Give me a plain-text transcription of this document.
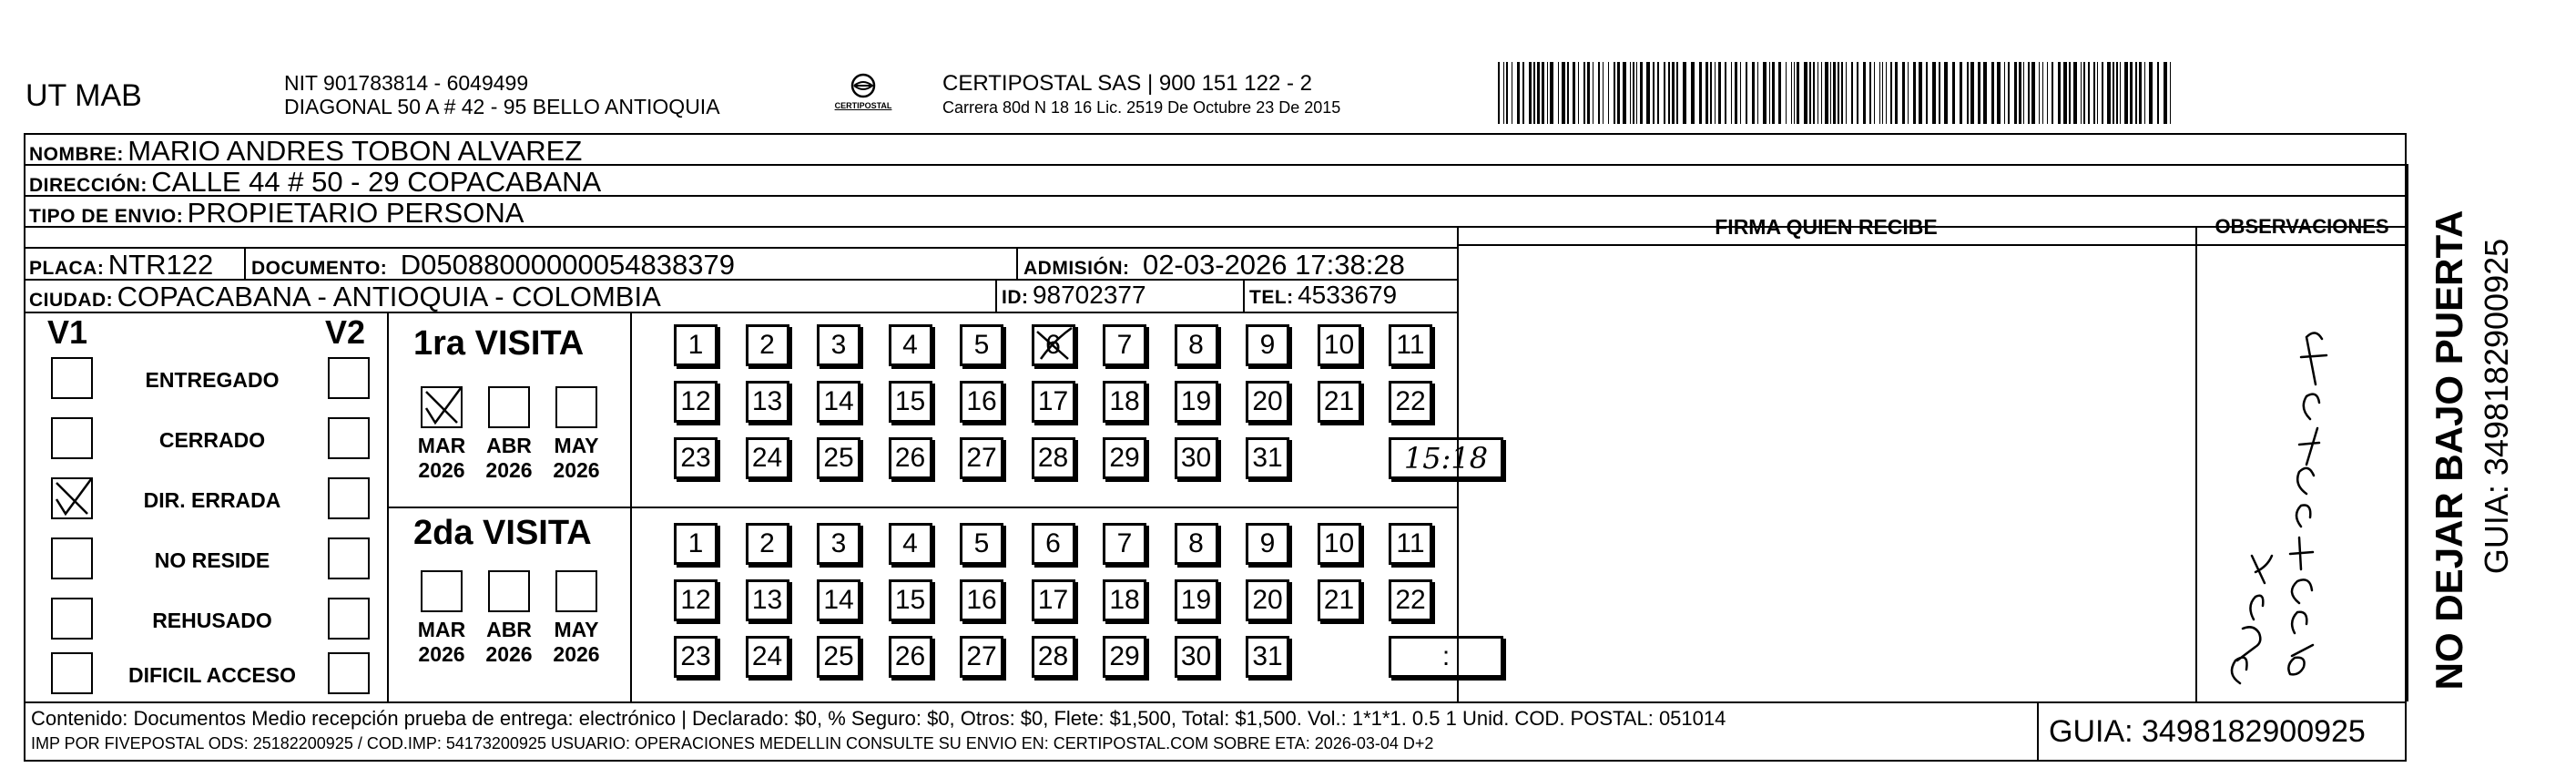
UT MAB	NIT 901783814 - 6049499
DIAGONAL 50 A # 42 - 95 BELLO ANTIOQUIA	CERTIPOSTAL
CERTIPOSTAL SAS | 900 151 122 - 2
Carrera 80d N 18 16 Lic. 2519 De Octubre 23 De 2015
NOMBRE: MARIO ANDRES TOBON ALVAREZ
DIRECCIÓN: CALLE 44 # 50 - 29 COPACABANA
TIPO DE ENVIO: PROPIETARIO PERSONA
PLACA: NTR122 DOCUMENTO: D05088000000054838379	ADMISIÓN: 02-03-2026 17:38:28
CIUDAD: COPACABANA - ANTIOQUIA - COLOMBIA	ID: 98702377	TEL: 4533679
FIRMA QUIEN RECIBE	OBSERVACIONES
V1	V2
ENTREGADO
CERRADO
DIR. ERRADA
NO RESIDE
REHUSADO
DIFICIL ACCESO
1ra VISITA
MAR
2026
ABR
2026
MAY
2026
1	2	3	4	5	6	7	8	9	10 11
12 13 14 15 16 17 18 19 20 21 22
23 24 25 26 27 28 29 30 31	15:18
2da VISITA
MAR
2026
ABR
2026
MAY
2026
1	2	3	4	5	6	7	8	9	10 11
12 13 14 15 16 17 18 19 20 21 22
23 24 25 26 27 28 29 30 31	:	NO DEJAR BAJO PUERTA GUIA: 3498182900925
Contenido: Documentos Medio recepción prueba de entrega: electrónico | Declarado: $0, % Seguro: $0, Otros: $0, Flete: $1,500, Total: $1,500. Vol.: 1*1*1. 0.5 1 Unid. COD. POSTAL: 051014
IMP POR FIVEPOSTAL ODS: 25182200925 / COD.IMP: 54173200925 USUARIO: OPERACIONES MEDELLIN CONSULTE SU ENVIO EN: CERTIPOSTAL.COM SOBRE ETA: 2026-03-04 D+2	GUIA: 3498182900925
